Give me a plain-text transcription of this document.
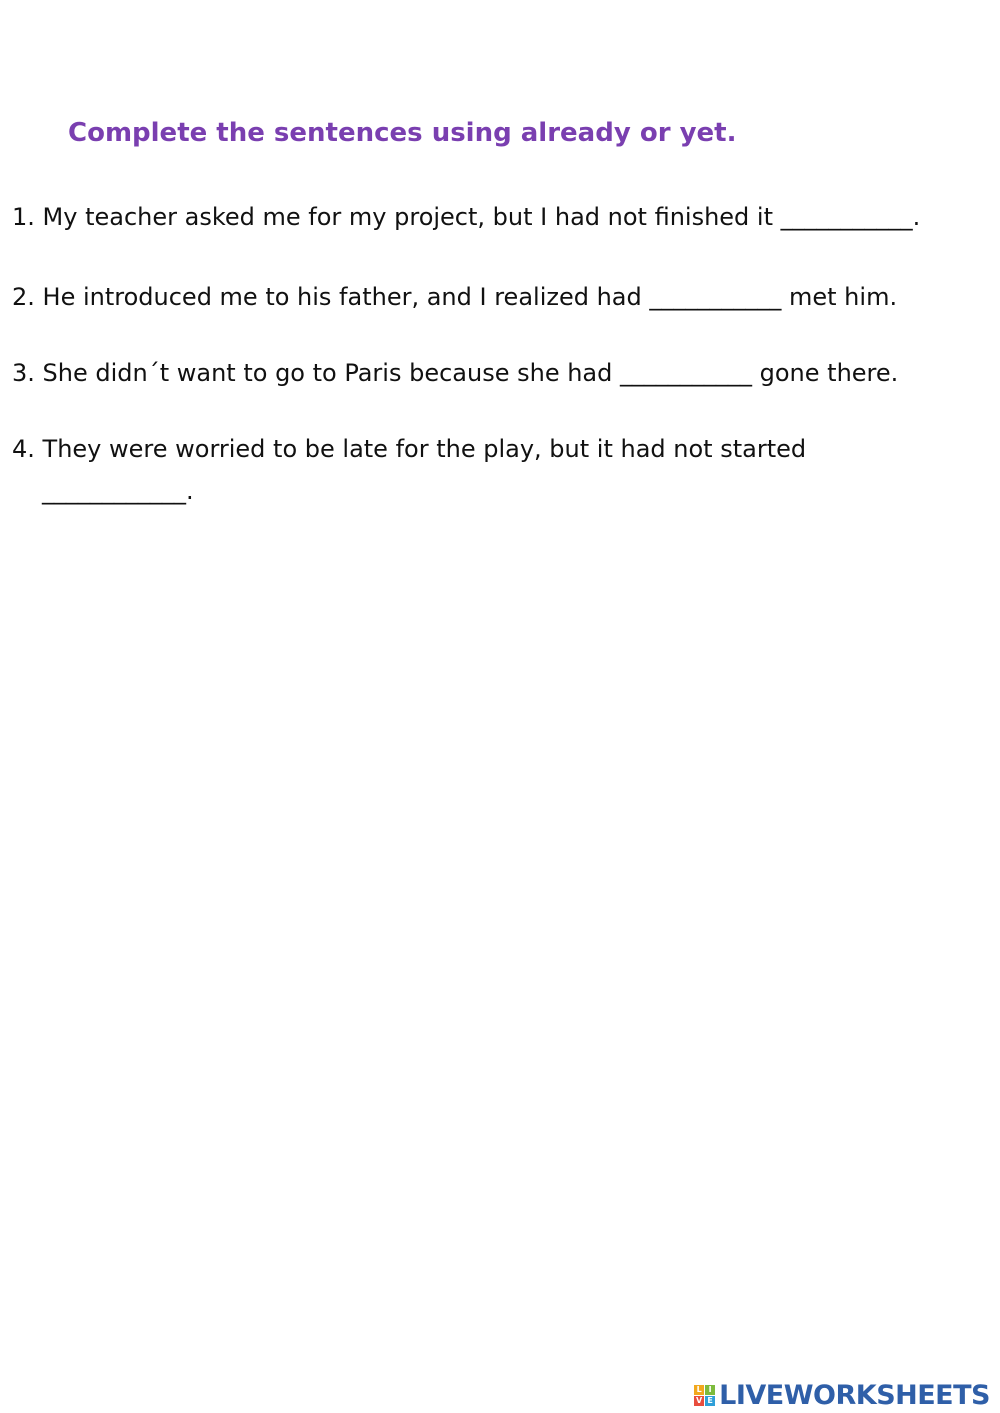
Complete the sentences using already or yet.
1. My teacher asked me for my project, but I had not finished it ___________.
2. He introduced me to his father, and I realized had ___________ met him.
3. She didn´t want to go to Paris because she had ___________ gone there.
4. They were worried to be late for the play, but it had not started
____________.
L I
V E LIVEWORKSHEETS
